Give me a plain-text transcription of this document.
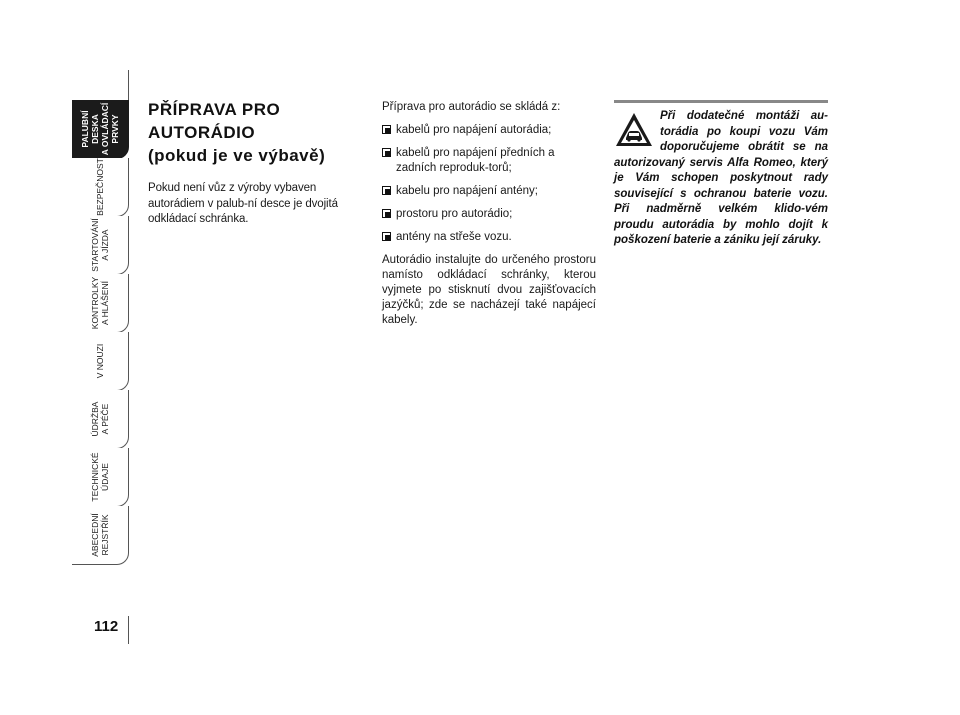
PALUBNÍ DESKA
A OVLÁDACÍ PRVKY
BEZPEČNOST
STARTOVÁNÍ
A JÍZDA
KONTROLKY
A HLÁŠENÍ
V NOUZI
ÚDRŽBA
A PÉČE
TECHNICKÉ ÚDAJE
ABECEDNÍ
REJSTŘÍK
112
PŘÍPRAVA PRO
AUTORÁDIO
(pokud je ve výbavě)

Pokud není vůz z výroby vybaven autorádiem v palub-ní desce je dvojitá odkládací schránka.

Příprava pro autorádio se skládá z:

kabelů pro napájení autorádia;
kabelů pro napájení předních a zadních reproduk-torů;
kabelu pro napájení antény;
prostoru pro autorádio;
antény na střeše vozu.

Autorádio instalujte do určeného prostoru namísto odkládací schránky, kterou vyjmete po stisknutí dvou zajišťovacích jazýčků; zde se nacházejí také napájecí kabely.

Při dodatečné montáži au-torádia po koupi vozu Vám doporučujeme obrátit se na autorizovaný servis Alfa Romeo, který je Vám schopen poskytnout rady související s ochranou baterie vozu. Při nadměrně velkém klido-vém proudu autorádia by mohlo dojít k poškození baterie a zániku její záruky.
